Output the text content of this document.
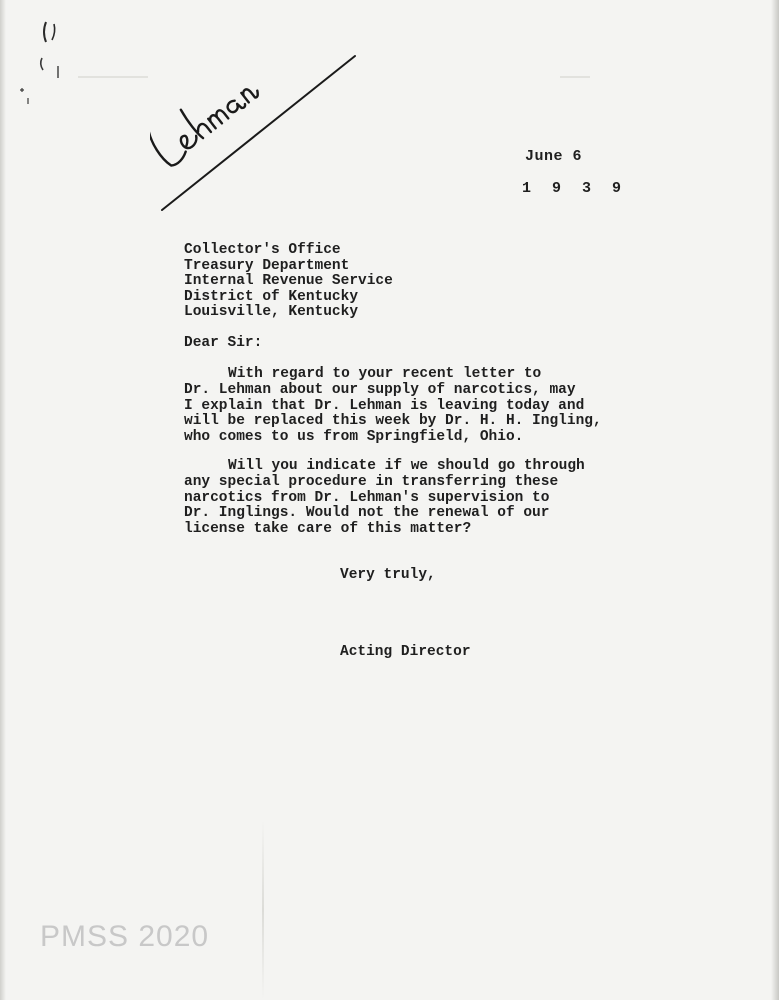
June 6
1 9 3 9
Collector's Office
Treasury Department
Internal Revenue Service
District of Kentucky
Louisville, Kentucky
Dear Sir:
With regard to your recent letter to
Dr. Lehman about our supply of narcotics, may
I explain that Dr. Lehman is leaving today and
will be replaced this week by Dr. H. H. Ingling,
who comes to us from Springfield, Ohio.
Will you indicate if we should go through
any special procedure in transferring these
narcotics from Dr. Lehman's supervision to
Dr. Inglings. Would not the renewal of our
license take care of this matter?
Very truly,
Acting Director
PMSS 2020
